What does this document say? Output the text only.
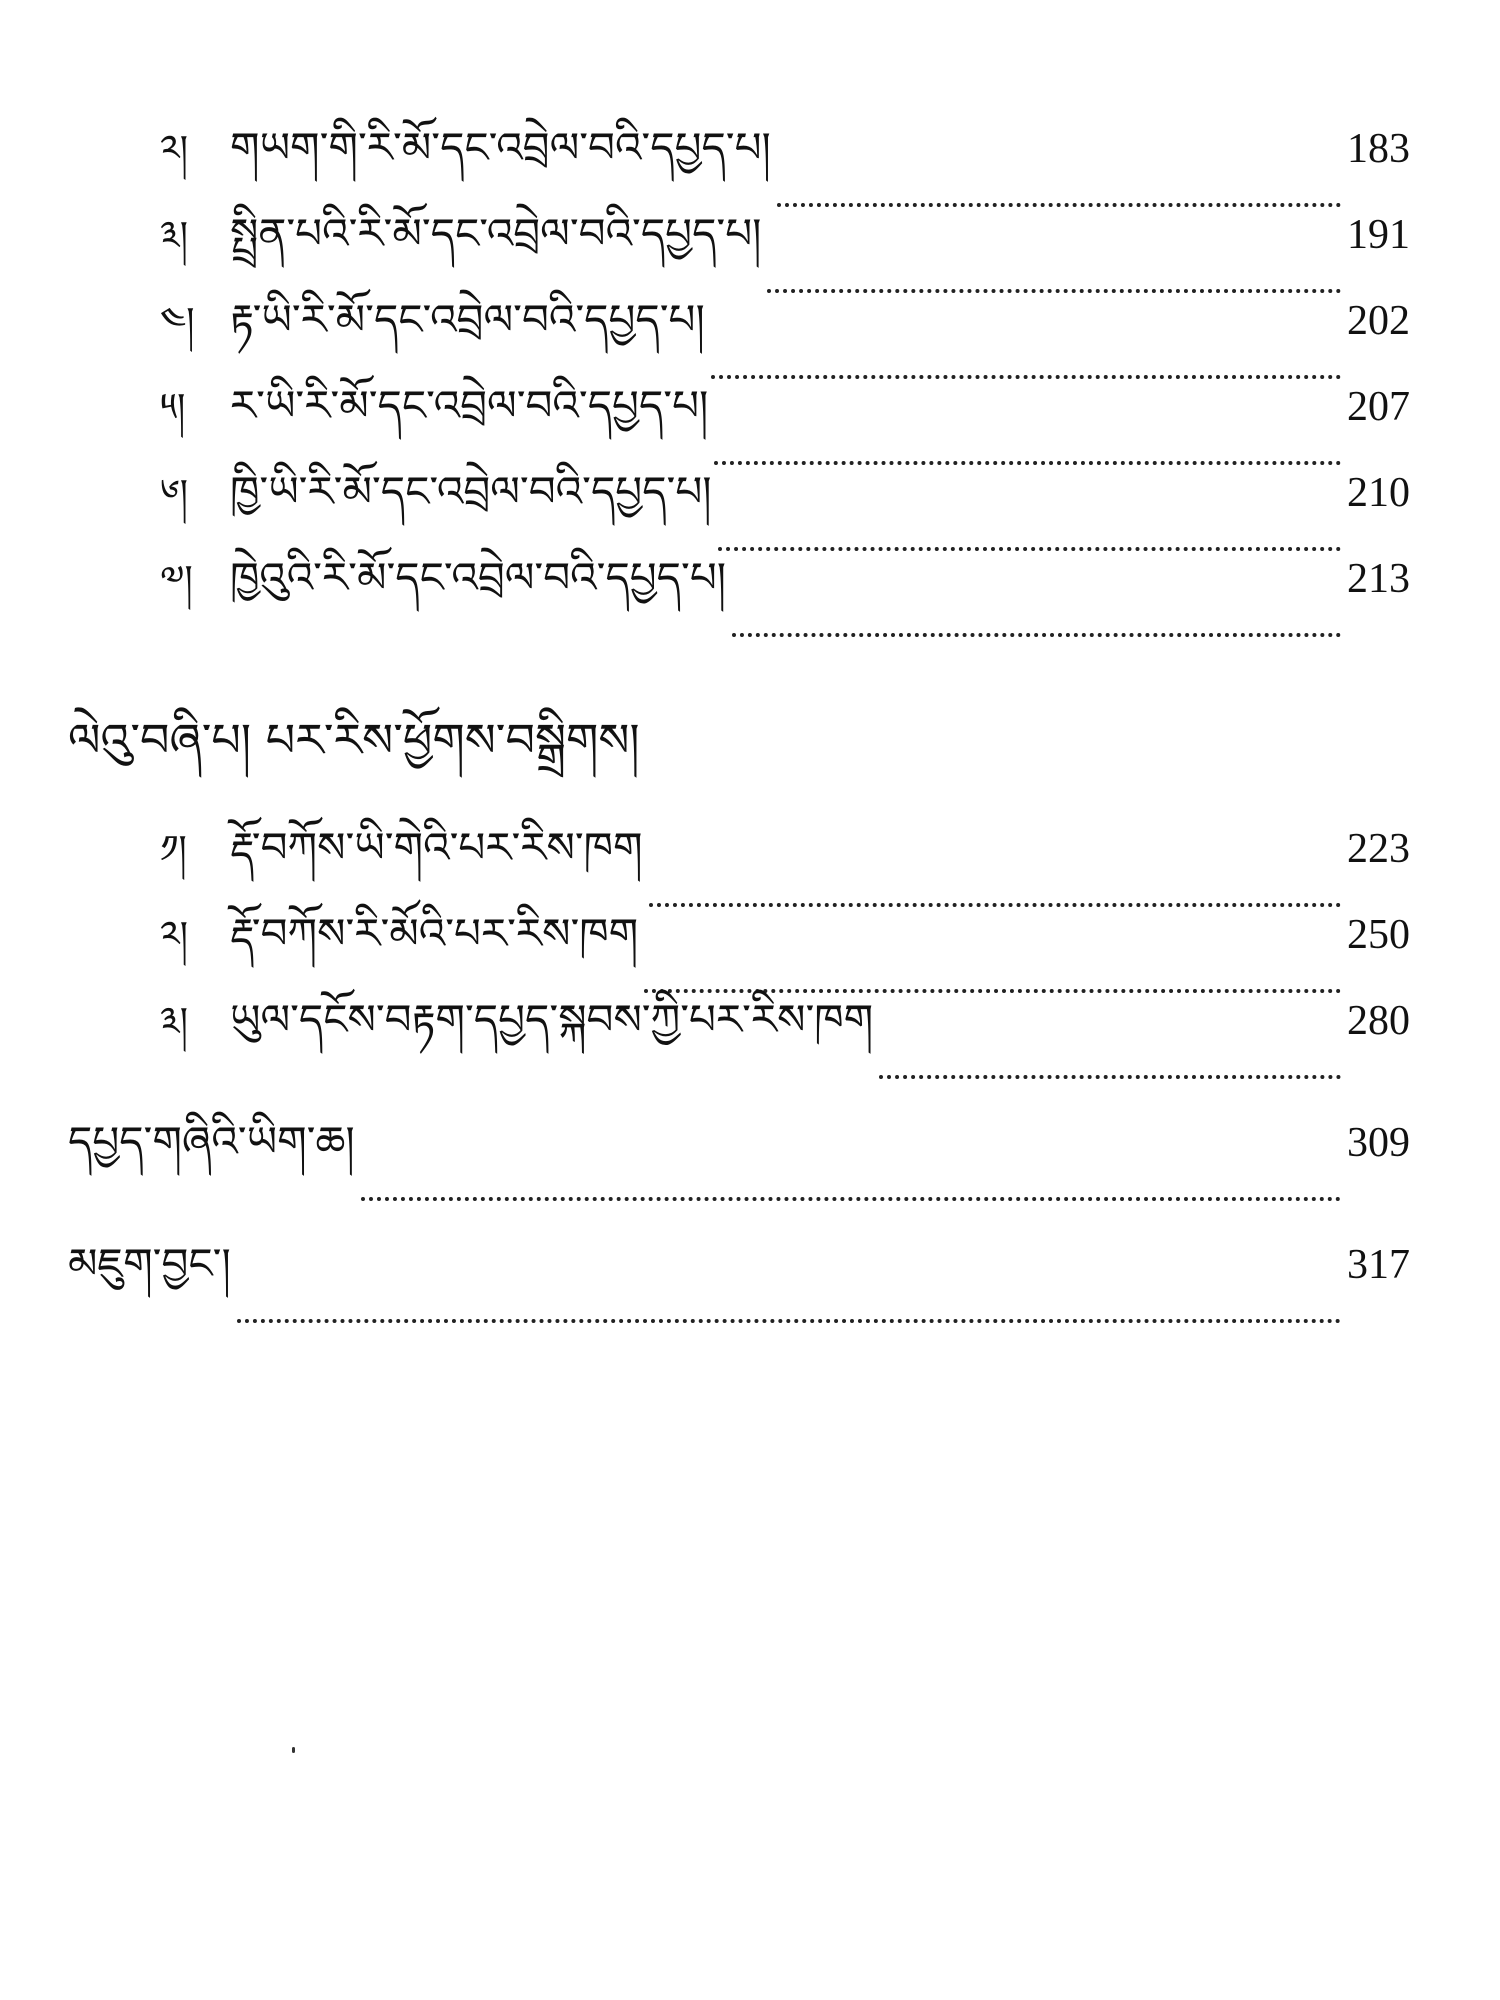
༢། གཡག་གི་རི་མོ་དང་འབྲེལ་བའི་དཔྱད་པ།	183
༣། སྤྲིན་པའི་རི་མོ་དང་འབྲེལ་བའི་དཔྱད་པ།	191
༤། རྟ་ཡི་རི་མོ་དང་འབྲེལ་བའི་དཔྱད་པ།	202
༥།	ར་ཡི་རི་མོ་དང་འབྲེལ་བའི་དཔྱད་པ།	207
༦། ཁྱི་ཡི་རི་མོ་དང་འབྲེལ་བའི་དཔྱད་པ།	210
༧། ཁྱེའུའི་རི་མོ་དང་འབྲེལ་བའི་དཔྱད་པ།	213
ལེའུ་བཞི་པ། པར་རིས་ཕྱོགས་བསྒྲིགས།
༡།	རྡོ་བཀོས་ཡི་གེའི་པར་རིས་ཁག	223
༢། རྡོ་བཀོས་རི་མོའི་པར་རིས་ཁག	250
༣། ཡུལ་དངོས་བརྟག་དཔྱད་སྐབས་ཀྱི་པར་རིས་ཁག	280
དཔྱད་གཞིའི་ཡིག་ཆ།	309
མཇུག་བྱང་།	317
